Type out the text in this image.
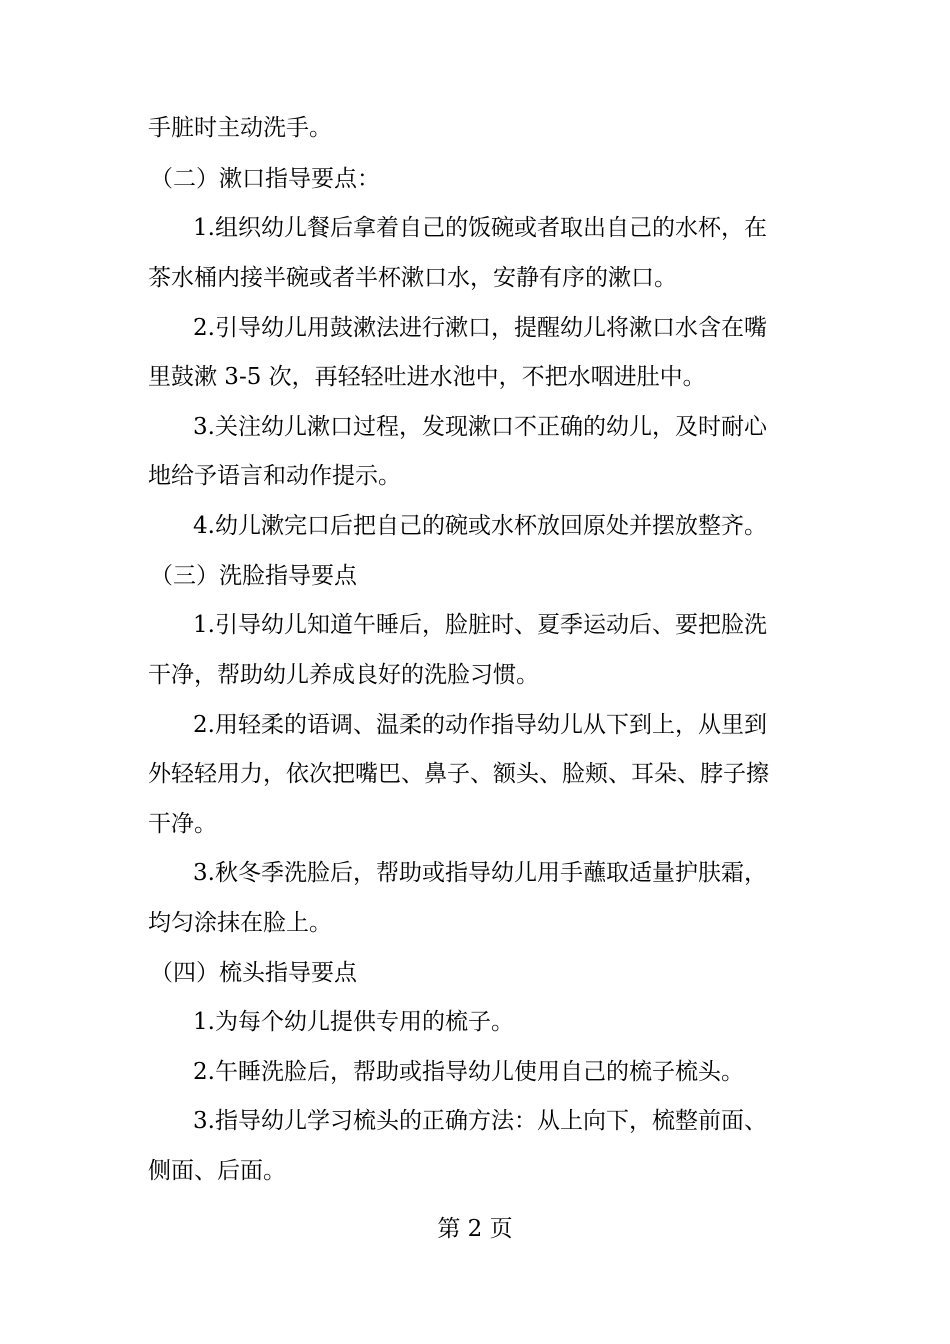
手脏时主动洗手。
（二）漱口指导要点：
1.组织幼儿餐后拿着自己的饭碗或者取出自己的水杯，在
茶水桶内接半碗或者半杯漱口水，安静有序的漱口。
2.引导幼儿用鼓漱法进行漱口，提醒幼儿将漱口水含在嘴
里鼓漱 3-5 次，再轻轻吐进水池中，不把水咽进肚中。
3.关注幼儿漱口过程，发现漱口不正确的幼儿，及时耐心
地给予语言和动作提示。
4.幼儿漱完口后把自己的碗或水杯放回原处并摆放整齐。
（三）洗脸指导要点
1.引导幼儿知道午睡后，脸脏时、夏季运动后、要把脸洗
干净，帮助幼儿养成良好的洗脸习惯。
2.用轻柔的语调、温柔的动作指导幼儿从下到上，从里到
外轻轻用力，依次把嘴巴、鼻子、额头、脸颊、耳朵、脖子擦
干净。
3.秋冬季洗脸后，帮助或指导幼儿用手蘸取适量护肤霜，
均匀涂抹在脸上。
（四）梳头指导要点
1.为每个幼儿提供专用的梳子。
2.午睡洗脸后，帮助或指导幼儿使用自己的梳子梳头。
3.指导幼儿学习梳头的正确方法：从上向下，梳整前面、
侧面、后面。
第 2 页
